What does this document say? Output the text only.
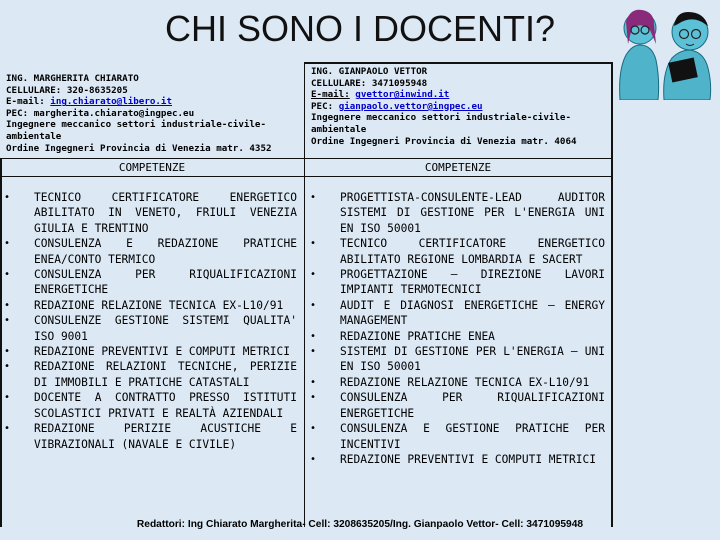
CHI SONO I DOCENTI?
ING. MARGHERITA CHIARATO
CELLULARE: 320-8635205
E-mail: ing.chiarato@libero.it
PEC: margherita.chiarato@ingpec.eu
Ingegnere meccanico settori industriale-civile-ambientale
Ordine Ingegneri Provincia di Venezia matr. 4352
ING. GIANPAOLO VETTOR
CELLULARE: 3471095948
E-mail: gvettor@inwind.it
PEC: gianpaolo.vettor@ingpec.eu
Ingegnere meccanico settori industriale-civile-ambientale
Ordine Ingegneri Provincia di Venezia matr. 4064
COMPETENZE	COMPETENZE
• TECNICO CERTIFICATORE ENERGETICO ABILITATO IN VENETO, FRIULI VENEZIA GIULIA E TRENTINO
• CONSULENZA E REDAZIONE PRATICHE ENEA/CONTO TERMICO
• CONSULENZA PER RIQUALIFICAZIONI ENERGETICHE
• REDAZIONE RELAZIONE TECNICA EX-L10/91
• CONSULENZE GESTIONE SISTEMI QUALITA' ISO 9001
• REDAZIONE PREVENTIVI E COMPUTI METRICI
• REDAZIONE RELAZIONI TECNICHE, PERIZIE DI IMMOBILI E PRATICHE CATASTALI
• DOCENTE A CONTRATTO PRESSO ISTITUTI SCOLASTICI PRIVATI E REALTÀ AZIENDALI
• REDAZIONE PERIZIE ACUSTICHE E VIBRAZIONALI (NAVALE E CIVILE)
• PROGETTISTA-CONSULENTE-LEAD AUDITOR SISTEMI DI GESTIONE PER L'ENERGIA UNI EN ISO 50001
• TECNICO CERTIFICATORE ENERGETICO ABILITATO REGIONE LOMBARDIA E SACERT
• PROGETTAZIONE – DIREZIONE LAVORI IMPIANTI TERMOTECNICI
• AUDIT E DIAGNOSI ENERGETICHE – ENERGY MANAGEMENT
• REDAZIONE PRATICHE ENEA
• SISTEMI DI GESTIONE PER L'ENERGIA – UNI EN ISO 50001
• REDAZIONE RELAZIONE TECNICA EX-L10/91
• CONSULENZA PER RIQUALIFICAZIONI ENERGETICHE
• CONSULENZA E GESTIONE PRATICHE PER INCENTIVI
• REDAZIONE PREVENTIVI E COMPUTI METRICI
Redattori: Ing Chiarato Margherita- Cell: 3208635205/Ing. Gianpaolo Vettor- Cell: 3471095948
